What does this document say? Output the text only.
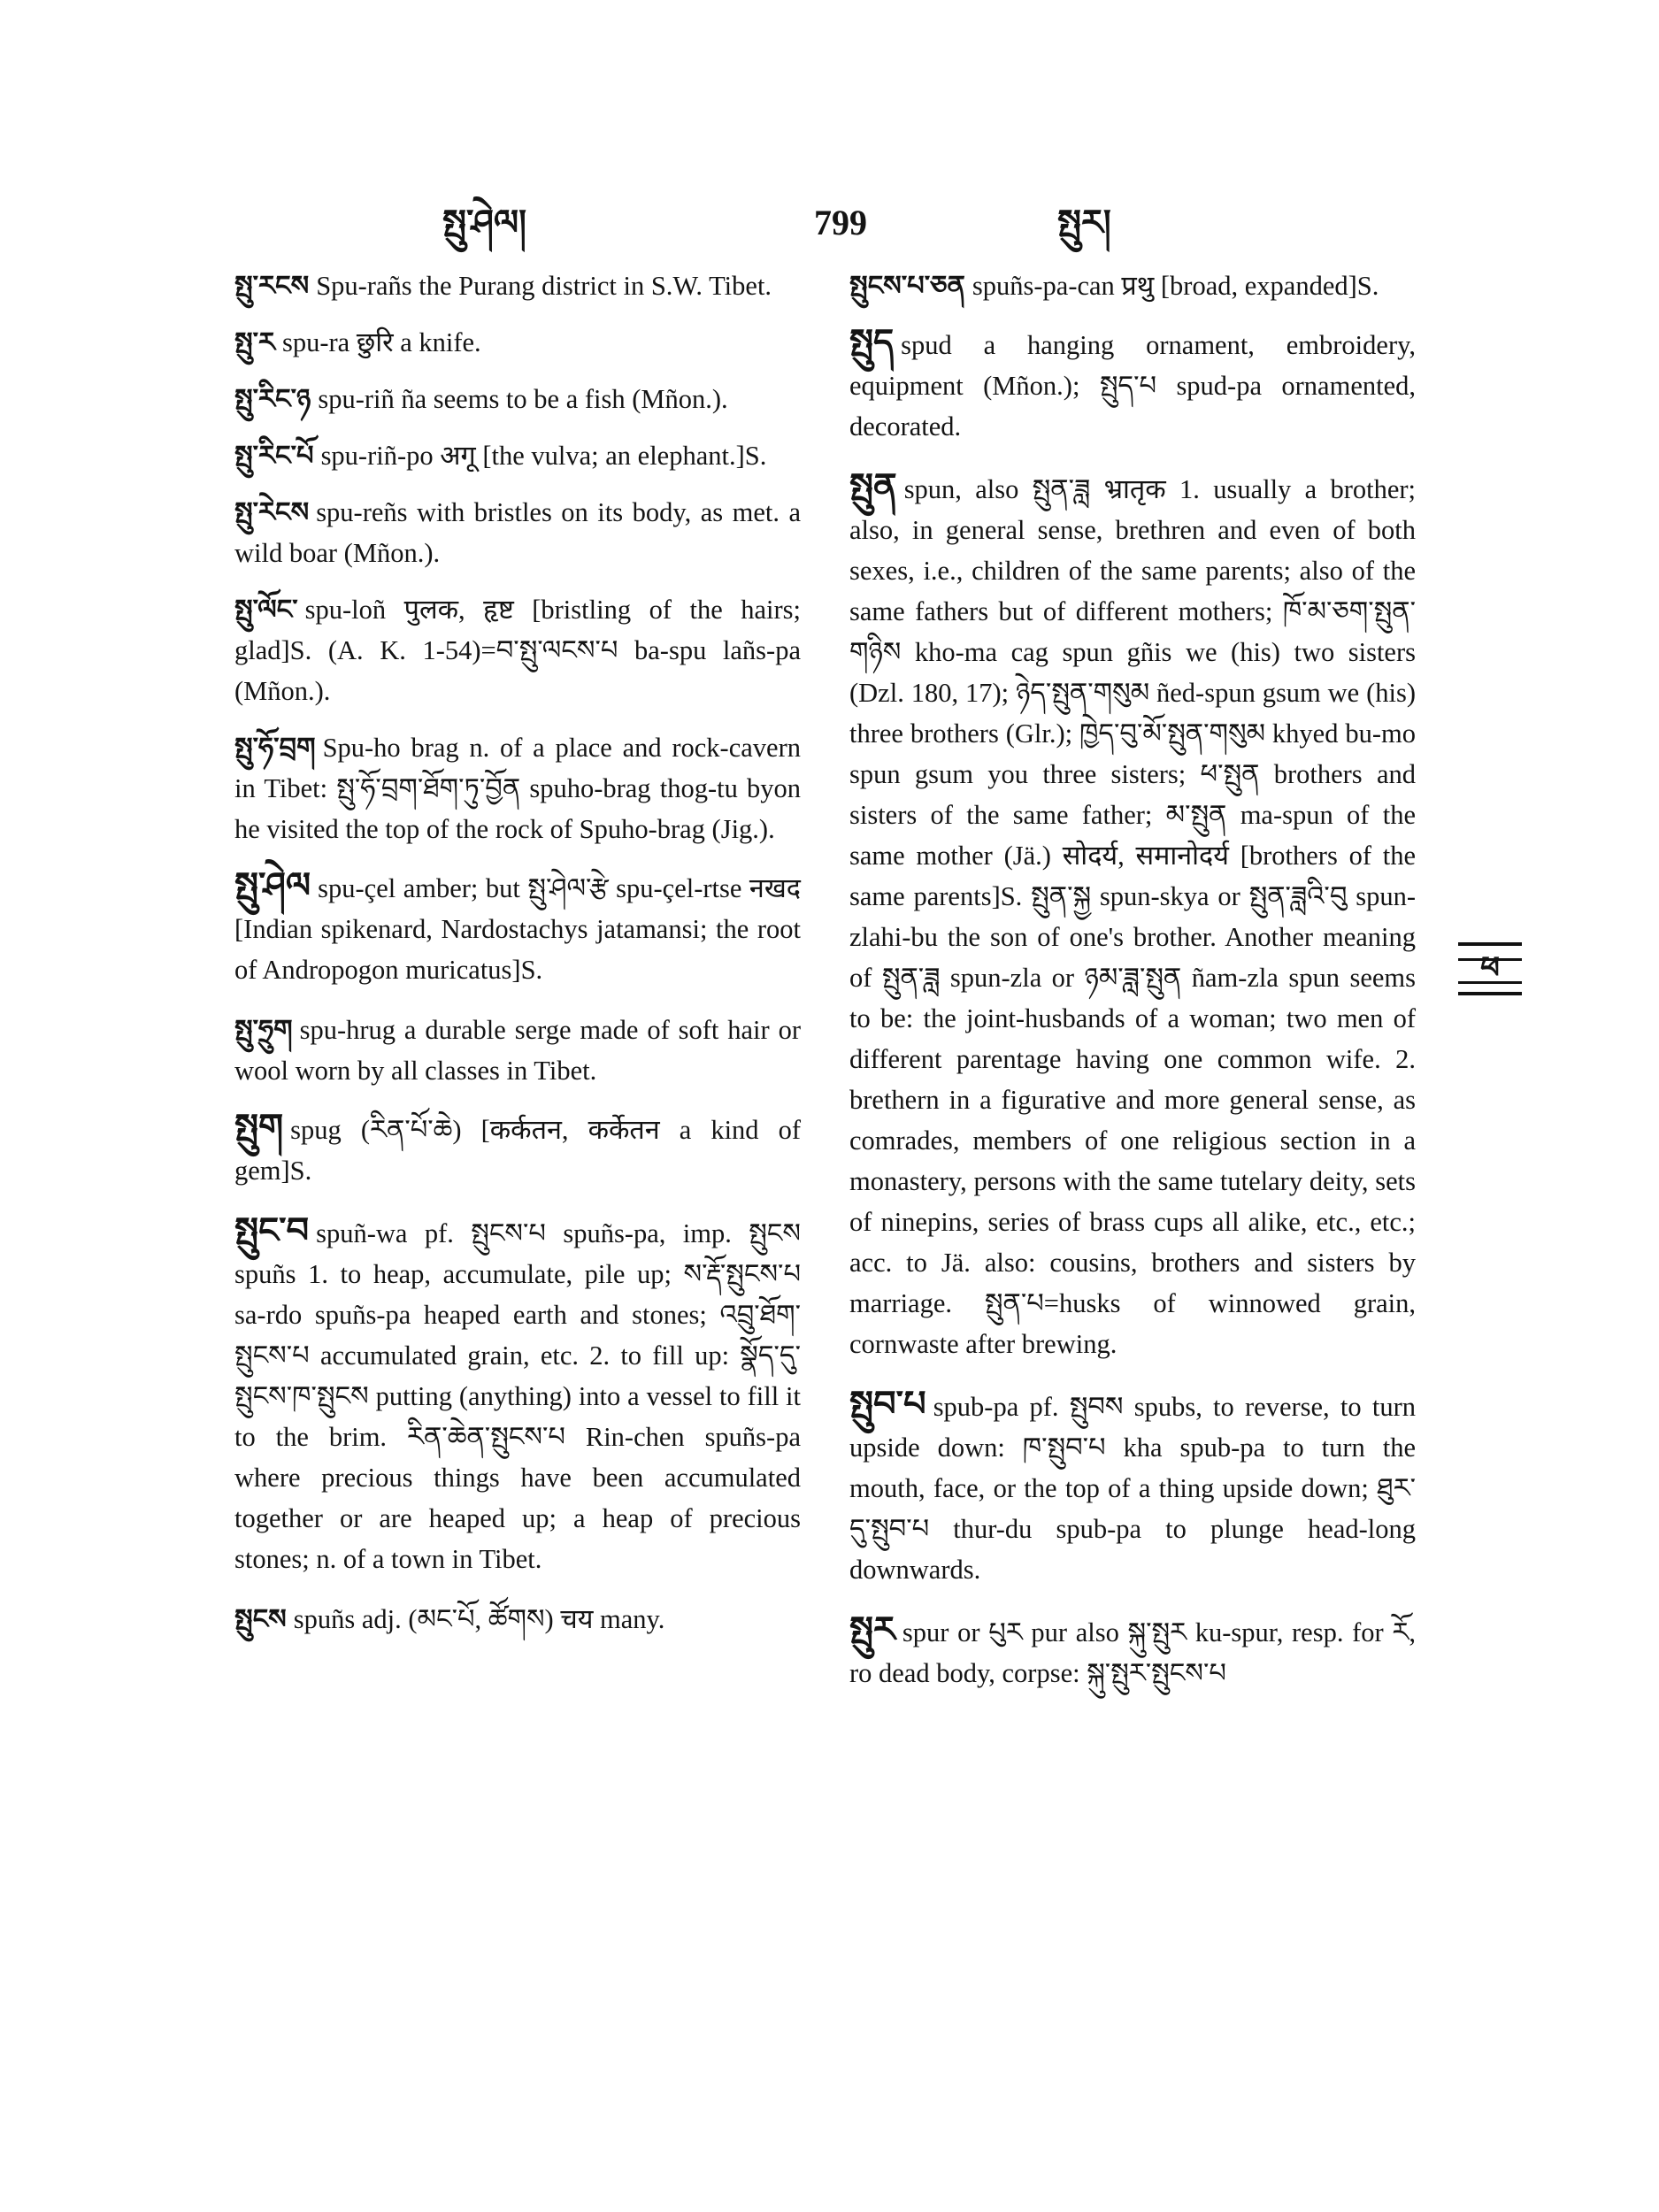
སྤུ་ཤེལ།	799	སྤུར།

སྤུ་རངས Spu-rañs the Purang district in S.W. Tibet.

སྤུ་ར spu-ra छुरि a knife.

སྤུ་རིང་ཉ spu-riñ ña seems to be a fish (Mñon.).

སྤུ་རིང་པོ spu-riñ-po अगू [the vulva; an elephant.]S.

སྤུ་རེངས spu-reñs with bristles on its body, as met. a wild boar (Mñon.).

སྤུ་ལོང་ spu-loñ पुलक, हृष्ट [bristling of the hairs; glad]S. (A. K. 1-54)=བ་སྤུ་ལངས་པ ba-spu lañs-pa (Mñon.).

སྤུ་ཧོ་བྲག Spu-ho brag n. of a place and rock-cavern in Tibet: སྤུ་ཧོ་བྲག་ཐོག་ཏུ་བྱོན spuho-brag thog-tu byon he visited the top of the rock of Spuho-brag (Jig.).

སྤུ་ཤེལ spu-çel amber; but སྤུ་ཤེལ་རྩེ spu-çel-rtse नखद [Indian spikenard, Nardostachys jatamansi; the root of Andropogon muricatus]S.

སྤུ་ཧྲུག spu-hrug a durable serge made of soft hair or wool worn by all classes in Tibet.

སྤུག spug (རིན་པོ་ཆེ) [कर्कतन, कर्केतन a kind of gem]S.

སྤུང་བ spuñ-wa pf. སྤུངས་པ spuñs-pa, imp. སྤུངས spuñs 1. to heap, accumulate, pile up; ས་རྡོ་སྤུངས་པ sa-rdo spuñs-pa heaped earth and stones; འབྲུ་ཐོག་སྤུངས་པ accumulated grain, etc. 2. to fill up: སྣོད་དུ་སྤུངས་ཁ་སྤུངས putting (anything) into a vessel to fill it to the brim. རིན་ཆེན་སྤུངས་པ Rin-chen spuñs-pa where precious things have been accumulated together or are heaped up; a heap of precious stones; n. of a town in Tibet.

སྤུངས spuñs adj. (མང་པོ, ཚོགས) चय many.

སྤུངས་པ་ཅན spuñs-pa-can प्रथु [broad, expanded]S.

སྤུད spud a hanging ornament, embroidery, equipment (Mñon.); སྤུད་པ spud-pa ornamented, decorated.

སྤུན spun, also སྤུན་ཟླ भ्रातृक 1. usually a brother; also, in general sense, brethren and even of both sexes, i.e., children of the same parents; also of the same fathers but of different mothers; ཁོ་མ་ཅག་སྤུན་གཉིས kho-ma cag spun gñis we (his) two sisters (Dzl. 180, 17); ཉེད་སྤུན་གསུམ ñed-spun gsum we (his) three brothers (Glr.); ཁྱེད་བུ་མོ་སྤུན་གསུམ khyed bu-mo spun gsum you three sisters; ཕ་སྤུན brothers and sisters of the same father; མ་སྤུན ma-spun of the same mother (Jä.) सोदर्य, समानोदर्य [brothers of the same parents]S. སྤུན་སྐྱ spun-skya or སྤུན་ཟླའི་བུ spun-zlahi-bu the son of one's brother. Another meaning of སྤུན་ཟླ spun-zla or ཉམ་ཟླ་སྤུན ñam-zla spun seems to be: the joint-husbands of a woman; two men of different parentage having one common wife. 2. brethern in a figurative and more general sense, as comrades, members of one religious section in a monastery, persons with the same tutelary deity, sets of ninepins, series of brass cups all alike, etc., etc.; acc. to Jä. also: cousins, brothers and sisters by marriage. སྤུན་པ=husks of winnowed grain, cornwaste after brewing.

སྤུབ་པ spub-pa pf. སྤུབས spubs, to reverse, to turn upside down: ཁ་སྤུབ་པ kha spub-pa to turn the mouth, face, or the top of a thing upside down; ཐུར་དུ་སྤུབ་པ thur-du spub-pa to plunge head-long downwards.

སྤུར spur or པུར pur also སྐུ་སྤུར ku-spur, resp. for རོ, ro dead body, corpse: སྐུ་སྤུར་སྤུངས་པ

ཕ
